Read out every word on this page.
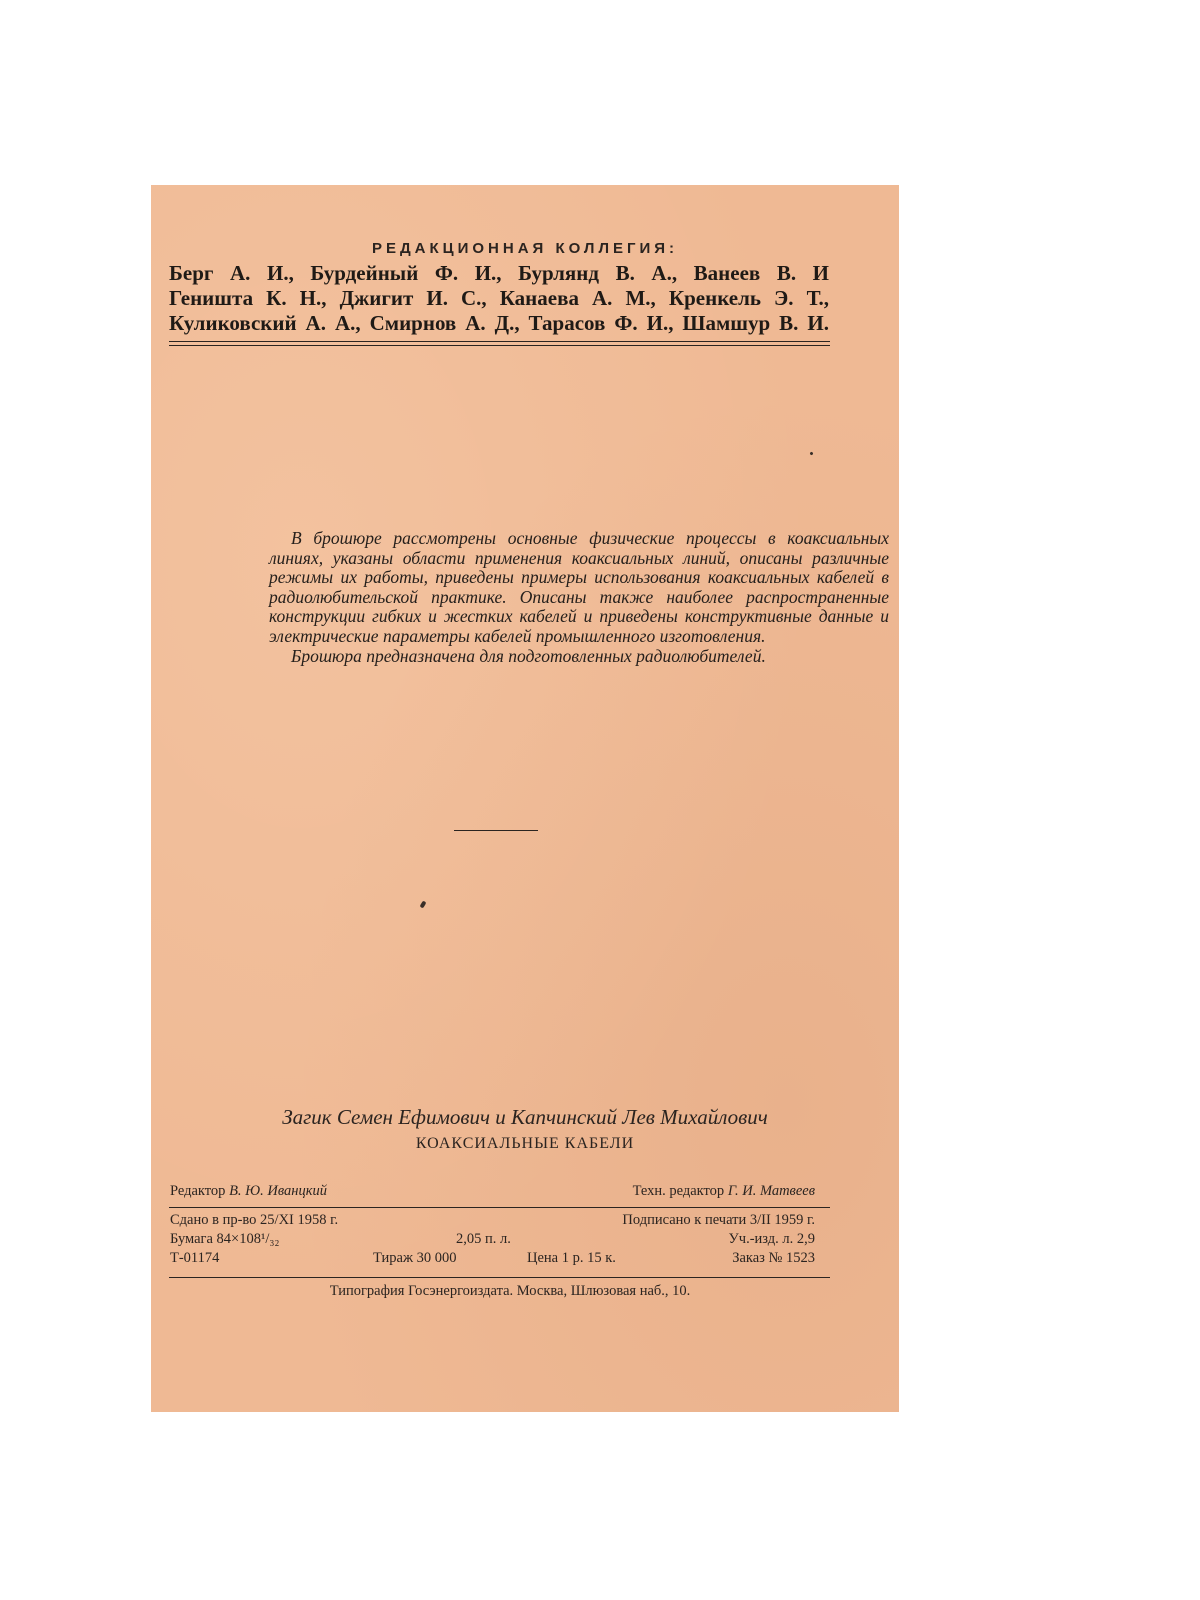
РЕДАКЦИОННАЯ КОЛЛЕГИЯ:
Берг А. И., Бурдейный Ф. И., Бурлянд В. А., Ванеев В. И
Геништа К. Н., Джигит И. С., Канаева А. М., Кренкель Э. Т.,
Куликовский А. А., Смирнов А. Д., Тарасов Ф. И., Шамшур В. И.

В брошюре рассмотрены основные физические процессы в коаксиальных линиях, указаны области применения коаксиальных линий, описаны различные режимы их работы, приведены примеры использования коаксиальных кабелей в радиолюбительской практике. Описаны также наиболее распространенные конструкции гибких и жестких кабелей и приведены конструктивные данные и электрические параметры кабелей промышленного изготовления.

Брошюра предназначена для подготовленных радиолюбителей.

Загик Семен Ефимович и Капчинский Лев Михайлович
КОАКСИАЛЬНЫЕ КАБЕЛИ
Редактор В. Ю. Иванцкий	Техн. редактор Г. И. Матвеев
Сдано в пр-во 25/XI 1958 г.	Подписано к печати 3/II 1959 г.
Бумага 84×108¹/₃₂	2,05 п. л.	Уч.-изд. л. 2,9
Т-01174	Тираж 30 000	Цена 1 р. 15 к.	Заказ № 1523
Типография Госэнергоиздата. Москва, Шлюзовая наб., 10.
